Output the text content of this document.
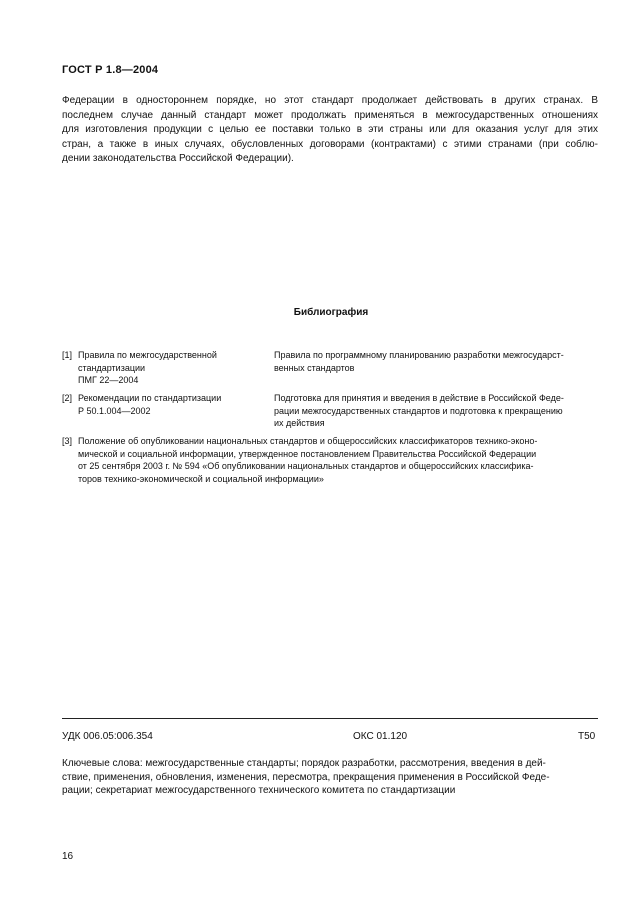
ГОСТ Р 1.8—2004
Федерации в одностороннем порядке, но этот стандарт продолжает действовать в других странах. В
последнем случае данный стандарт может продолжать применяться в межгосударственных отношениях
для изготовления продукции с целью ее поставки только в эти страны или для оказания услуг для этих
стран, а также в иных случаях, обусловленных договорами (контрактами) с этими странами (при соблю-
дении законодательства Российской Федерации).
Библиография
[1] Правила по межгосударственной
стандартизации
ПМГ 22—2004
Правила по программному планированию разработки межгосударст-
венных стандартов
[2] Рекомендации по стандартизации
Р 50.1.004—2002
Подготовка для принятия и введения в действие в Российской Феде-
рации межгосударственных стандартов и подготовка к прекращению
их действия
[3] Положение об опубликовании национальных стандартов и общероссийских классификаторов технико-эконо-
мической и социальной информации, утвержденное постановлением Правительства Российской Федерации
от 25 сентября 2003 г. № 594 «Об опубликовании национальных стандартов и общероссийских классифика-
торов технико-экономической и социальной информации»
УДК 006.05:006.354	ОКС 01.120	Т50
Ключевые слова: межгосударственные стандарты; порядок разработки, рассмотрения, введения в дей-
ствие, применения, обновления, изменения, пересмотра, прекращения применения в Российской Феде-
рации; секретариат межгосударственного технического комитета по стандартизации
16
